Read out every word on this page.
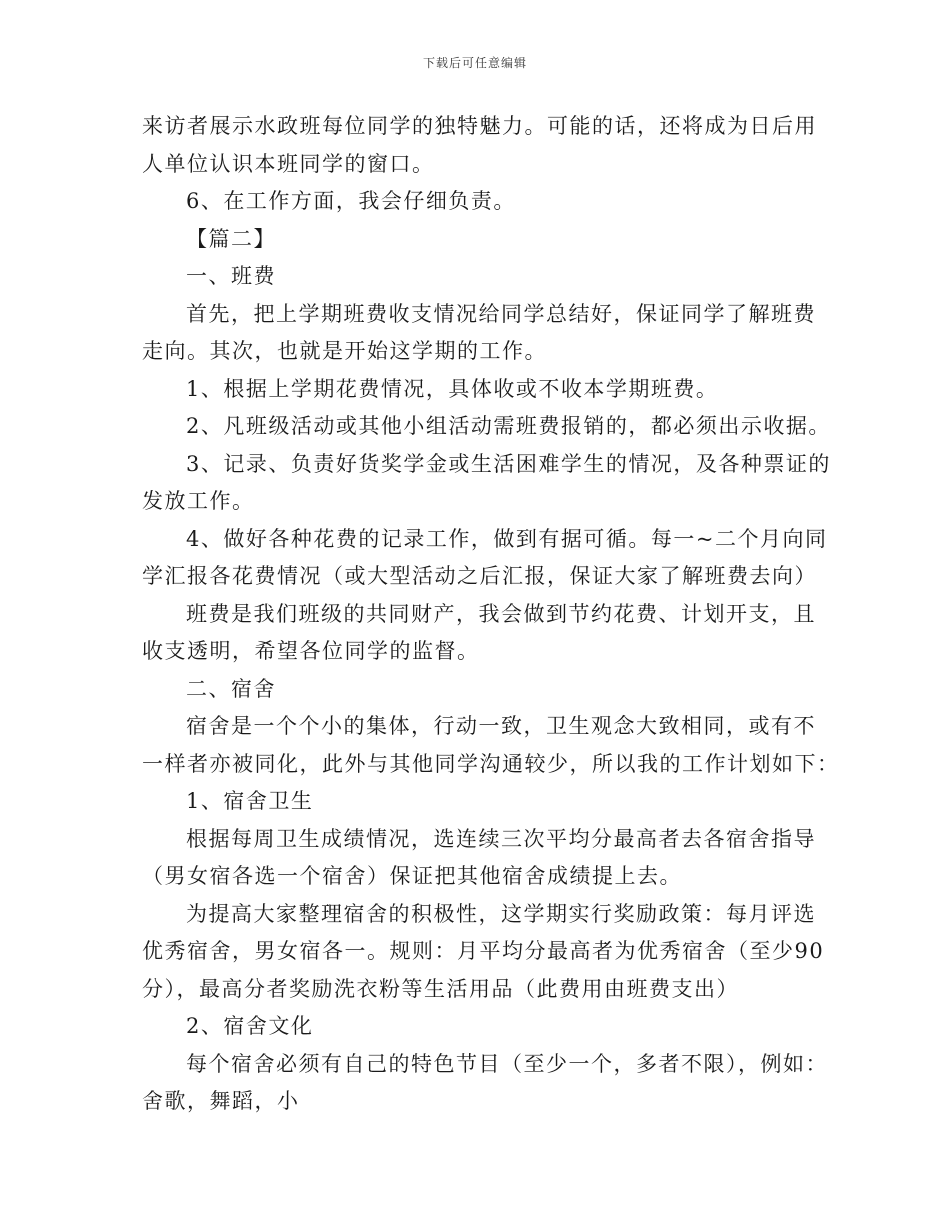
下载后可任意编辑
来访者展示水政班每位同学的独特魅力。可能的话，还将成为日后用
人单位认识本班同学的窗口。
6、在工作方面，我会仔细负责。
【篇二】
一、班费
首先，把上学期班费收支情况给同学总结好，保证同学了解班费
走向。其次，也就是开始这学期的工作。
1、根据上学期花费情况，具体收或不收本学期班费。
2、凡班级活动或其他小组活动需班费报销的，都必须出示收据。
3、记录、负责好货奖学金或生活困难学生的情况，及各种票证的
发放工作。
4、做好各种花费的记录工作，做到有据可循。每一~二个月向同
学汇报各花费情况（或大型活动之后汇报，保证大家了解班费去向）
班费是我们班级的共同财产，我会做到节约花费、计划开支，且
收支透明，希望各位同学的监督。
二、宿舍
宿舍是一个个小的集体，行动一致，卫生观念大致相同，或有不
一样者亦被同化，此外与其他同学沟通较少，所以我的工作计划如下：
1、宿舍卫生
根据每周卫生成绩情况，选连续三次平均分最高者去各宿舍指导
（男女宿各选一个宿舍）保证把其他宿舍成绩提上去。
为提高大家整理宿舍的积极性，这学期实行奖励政策：每月评选
优秀宿舍，男女宿各一。规则：月平均分最高者为优秀宿舍（至少90
分），最高分者奖励洗衣粉等生活用品（此费用由班费支出）
2、宿舍文化
每个宿舍必须有自己的特色节目（至少一个，多者不限），例如：
舍歌，舞蹈，小
